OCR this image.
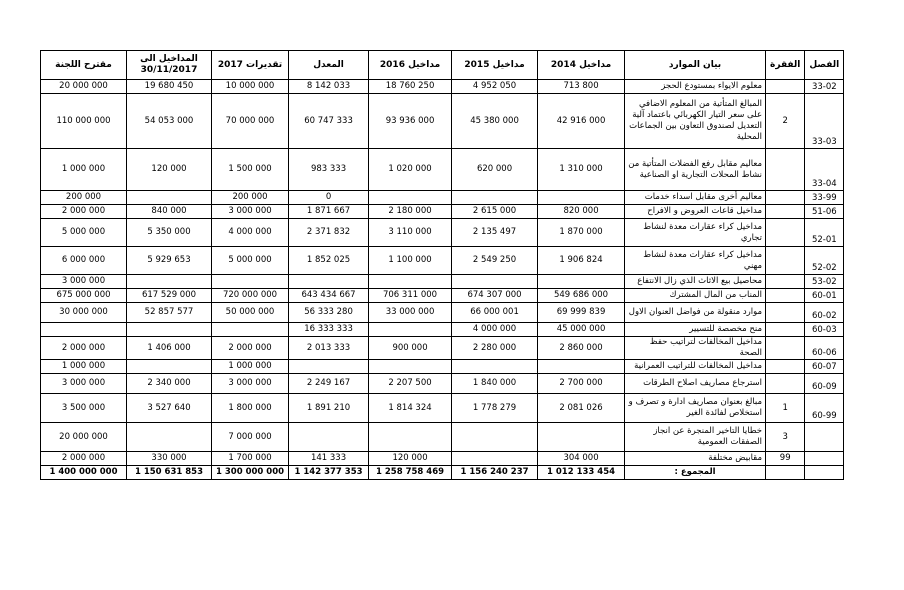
مقترح اللجنة	المداخيل الى 30/11/2017	تقديرات 2017	المعدل	مداخيل 2016	مداخيل 2015	مداخيل 2014	بيان الموارد	الفقرة	الفصل
20 000 000	19 680 450	10 000 000	8 142 033	18 760 250	4 952 050	713 800	معلوم الايواء بمستودع الحجز		33-02
110 000 000	54 053 000	70 000 000	60 747 333	93 936 000	45 380 000	42 916 000	المبالغ المتأتية من المعلوم الاضافي على سعر التيار الكهربائي باعتماد آلية التعديل لصندوق التعاون بين الجماعات المحلية	2	33-03
1 000 000	120 000	1 500 000	983 333	1 020 000	620 000	1 310 000	معاليم مقابل رفع الفضلات المتأتية من نشاط المحلات التجارية او الصناعية		33-04
200 000		200 000	0				معاليم أخرى مقابل اسداء خدمات		33-99
2 000 000	840 000	3 000 000	1 871 667	2 180 000	2 615 000	820 000	مداخيل قاعات العروض و الافراح		51-06
5 000 000	5 350 000	4 000 000	2 371 832	3 110 000	2 135 497	1 870 000	مداخيل كراء عقارات معدة لنشاط تجاري		52-01
6 000 000	5 929 653	5 000 000	1 852 025	1 100 000	2 549 250	1 906 824	مداخيل كراء عقارات معدة لنشاط مهني		52-02
3 000 000							محاصيل بيع الاثاث الذي زال الانتفاع		53-02
675 000 000	617 529 000	720 000 000	643 434 667	706 311 000	674 307 000	549 686 000	المناب من المال المشترك		60-01
30 000 000	52 857 577	50 000 000	56 333 280	33 000 000	66 000 001	69 999 839	موارد منقولة من فواضل العنوان الاول		60-02
			16 333 333		4 000 000	45 000 000	منح مخصصة للتسيير		60-03
2 000 000	1 406 000	2 000 000	2 013 333	900 000	2 280 000	2 860 000	مداخيل المخالفات لتراتيب حفظ الصحة		60-06
1 000 000		1 000 000					مداخيل المخالفات للتراتيب العمرانية		60-07
3 000 000	2 340 000	3 000 000	2 249 167	2 207 500	1 840 000	2 700 000	استرجاع مصاريف اصلاح الطرقات		60-09
3 500 000	3 527 640	1 800 000	1 891 210	1 814 324	1 778 279	2 081 026	مبالغ بعنوان مصاريف ادارة و تصرف و استخلاص لفائدة الغير	1	60-99
20 000 000		7 000 000					خطايا التاخير المنجرة عن انجاز الصفقات العمومية	3	
2 000 000	330 000	1 700 000	141 333	120 000		304 000	مقابيض مختلفة	99	
1 400 000 000	1 150 631 853	1 300 000 000	1 142 377 353	1 258 758 469	1 156 240 237	1 012 133 454	المجموع :		
